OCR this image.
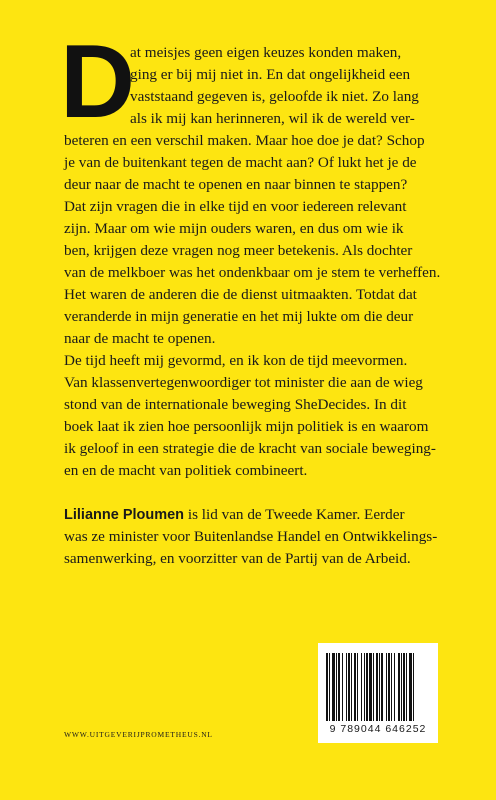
D
at meisjes geen eigen keuzes konden maken,
ging er bij mij niet in. En dat ongelijkheid een
vaststaand gegeven is, geloofde ik niet. Zo lang
als ik mij kan herinneren, wil ik de wereld ver-
beteren en een verschil maken. Maar hoe doe je dat? Schop
je van de buitenkant tegen de macht aan? Of lukt het je de
deur naar de macht te openen en naar binnen te stappen?
Dat zijn vragen die in elke tijd en voor iedereen relevant
zijn. Maar om wie mijn ouders waren, en dus om wie ik
ben, krijgen deze vragen nog meer betekenis. Als dochter
van de melkboer was het ondenkbaar om je stem te verheffen.
Het waren de anderen die de dienst uitmaakten. Totdat dat
veranderde in mijn generatie en het mij lukte om die deur
naar de macht te openen.
De tijd heeft mij gevormd, en ik kon de tijd meevormen.
Van klassenvertegenwoordiger tot minister die aan de wieg
stond van de internationale beweging SheDecides. In dit
boek laat ik zien hoe persoonlijk mijn politiek is en waarom
ik geloof in een strategie die de kracht van sociale beweging-
en en de macht van politiek combineert.
Lilianne Ploumen is lid van de Tweede Kamer. Eerder
was ze minister voor Buitenlandse Handel en Ontwikkelings-
samenwerking, en voorzitter van de Partij van de Arbeid.
WWW.UITGEVERIJPROMETHEUS.NL	9 789044 646252
